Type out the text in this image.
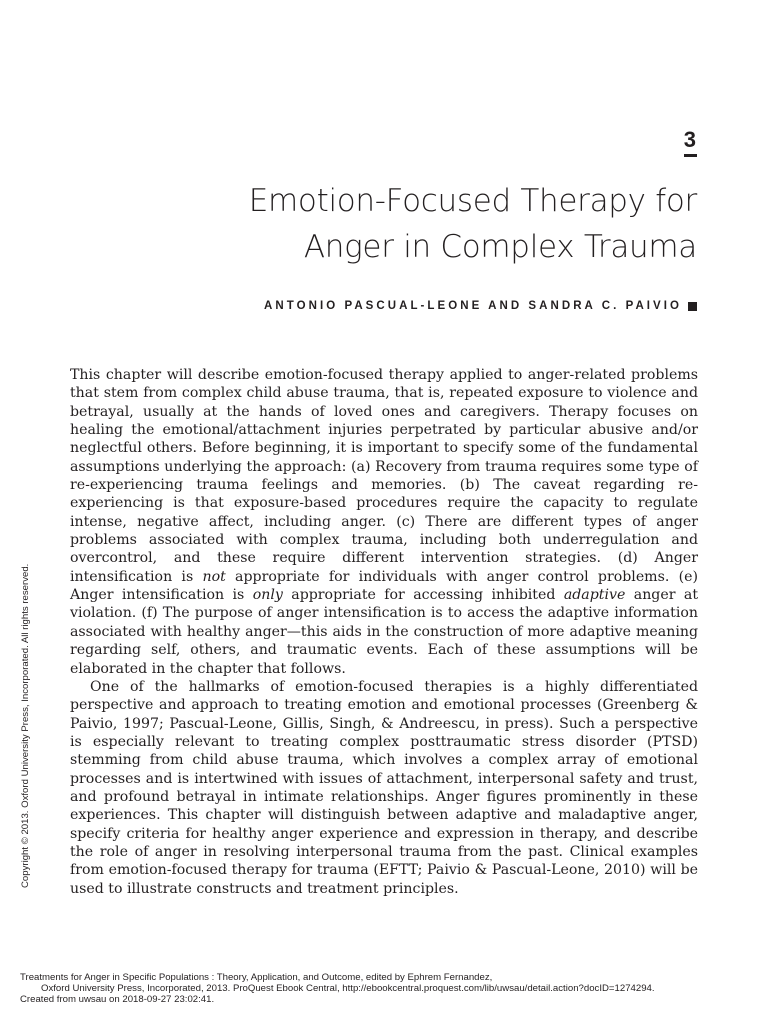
3
Emotion-Focused Therapy for
Anger in Complex Trauma
ANTONIO PASCUAL-LEONE AND SANDRA C. PAIVIO

This chapter will describe emotion-focused therapy applied to anger-related problems that stem from complex child abuse trauma, that is, repeated exposure to violence and betrayal, usually at the hands of loved ones and caregivers. Therapy focuses on healing the emotional/attachment injuries perpetrated by particular abusive and/or neglectful others. Before beginning, it is important to specify some of the fundamental assumptions underlying the approach: (a) Recovery from trauma requires some type of re-experiencing trauma feelings and memories. (b) The caveat regarding re-experiencing is that exposure-based procedures require the capacity to regulate intense, negative affect, including anger. (c) There are different types of anger problems associated with complex trauma, including both underregulation and overcontrol, and these require different intervention strategies. (d) Anger intensification is not appropriate for individuals with anger control problems. (e) Anger intensification is only appropriate for accessing inhibited adaptive anger at violation. (f) The purpose of anger intensification is to access the adaptive information associated with healthy anger—this aids in the construction of more adaptive meaning regarding self, others, and traumatic events. Each of these assumptions will be elaborated in the chapter that follows.

One of the hallmarks of emotion-focused therapies is a highly differentiated perspective and approach to treating emotion and emotional processes (Greenberg & Paivio, 1997; Pascual-Leone, Gillis, Singh, & Andreescu, in press). Such a perspective is especially relevant to treating complex posttraumatic stress disorder (PTSD) stemming from child abuse trauma, which involves a complex array of emotional processes and is intertwined with issues of attachment, interpersonal safety and trust, and profound betrayal in intimate relationships. Anger figures prominently in these experiences. This chapter will distinguish between adaptive and maladaptive anger, specify criteria for healthy anger experience and expression in therapy, and describe the role of anger in resolving interpersonal trauma from the past. Clinical examples from emotion-focused therapy for trauma (EFTT; Paivio & Pascual-Leone, 2010) will be used to illustrate constructs and treatment principles.

Copyright © 2013. Oxford University Press, Incorporated. All rights reserved.
Treatments for Anger in Specific Populations : Theory, Application, and Outcome, edited by Ephrem Fernandez,
Oxford University Press, Incorporated, 2013. ProQuest Ebook Central, http://ebookcentral.proquest.com/lib/uwsau/detail.action?docID=1274294.
Created from uwsau on 2018-09-27 23:02:41.
